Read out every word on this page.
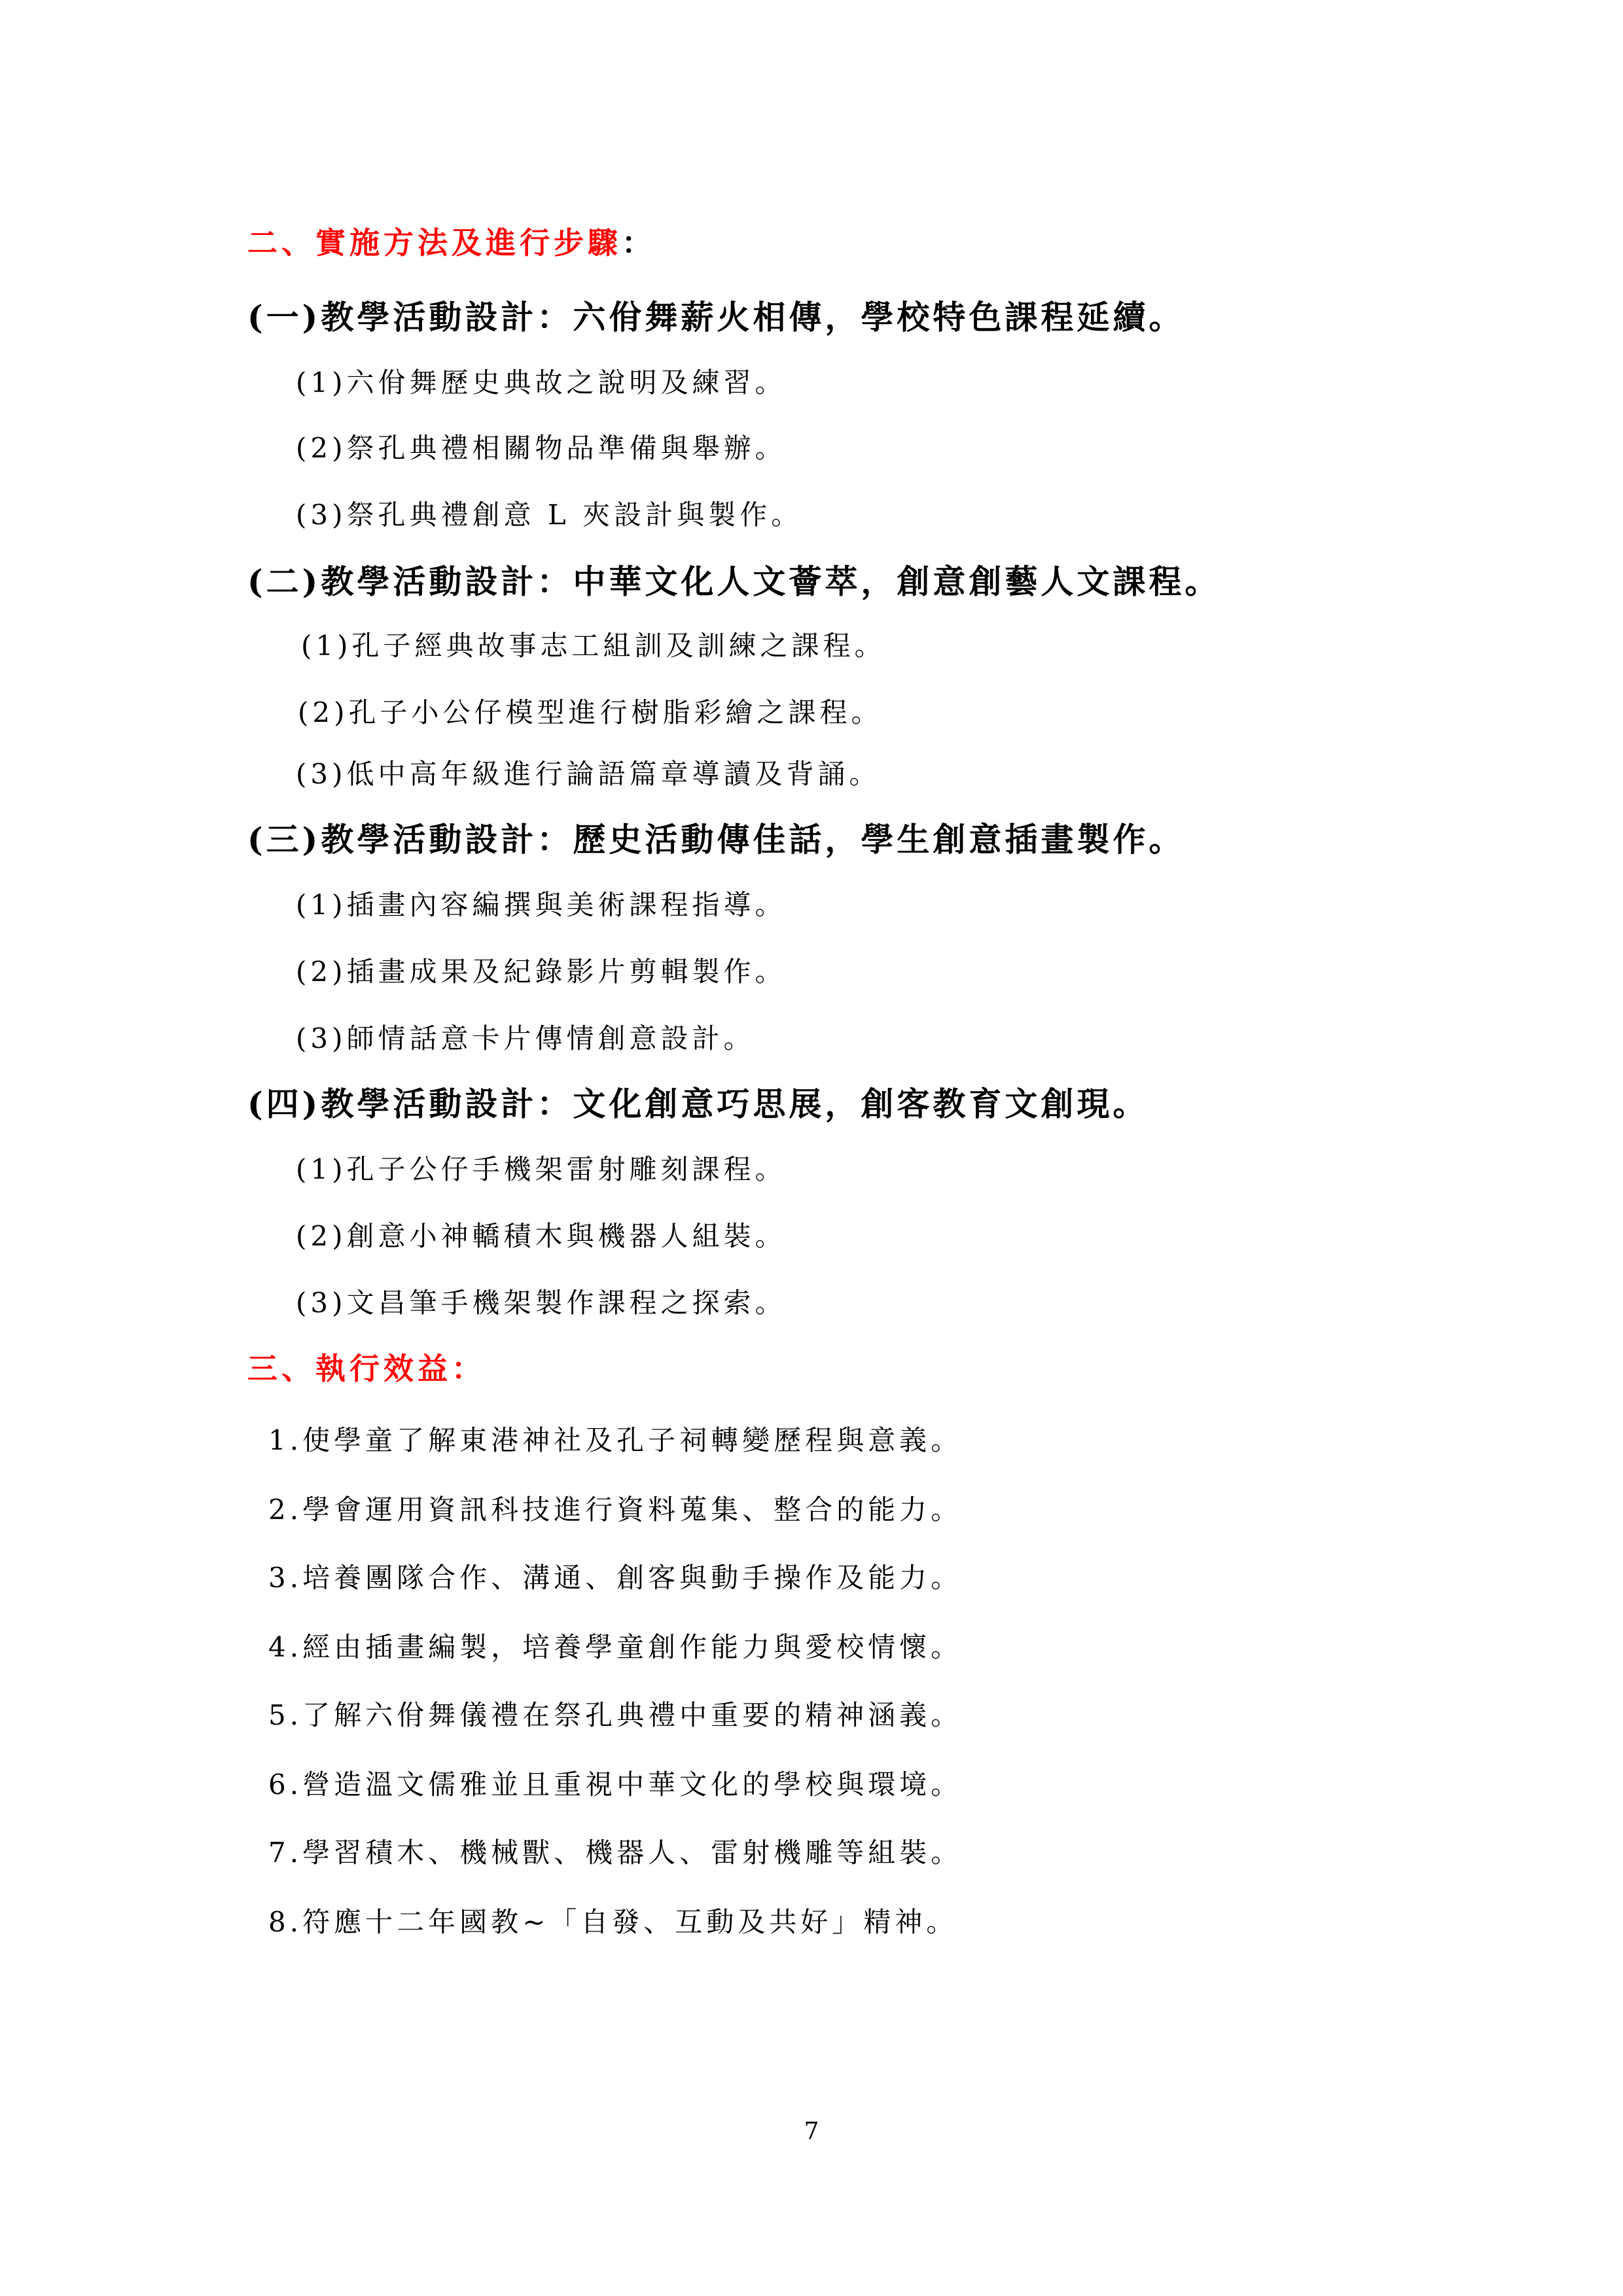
二、實施方法及進行步驟：
(一)教學活動設計：六佾舞薪火相傳，學校特色課程延續。
(1)六佾舞歷史典故之說明及練習。
(2)祭孔典禮相關物品準備與舉辦。
(3)祭孔典禮創意 L 夾設計與製作。
(二)教學活動設計：中華文化人文薈萃，創意創藝人文課程。
(1)孔子經典故事志工組訓及訓練之課程。
(2)孔子小公仔模型進行樹脂彩繪之課程。
(3)低中高年級進行論語篇章導讀及背誦。
(三)教學活動設計：歷史活動傳佳話，學生創意插畫製作。
(1)插畫內容編撰與美術課程指導。
(2)插畫成果及紀錄影片剪輯製作。
(3)師情話意卡片傳情創意設計。
(四)教學活動設計：文化創意巧思展，創客教育文創現。
(1)孔子公仔手機架雷射雕刻課程。
(2)創意小神轎積木與機器人組裝。
(3)文昌筆手機架製作課程之探索。
三、執行效益：
1.使學童了解東港神社及孔子祠轉變歷程與意義。
2.學會運用資訊科技進行資料蒐集、整合的能力。
3.培養團隊合作、溝通、創客與動手操作及能力。
4.經由插畫編製，培養學童創作能力與愛校情懷。
5.了解六佾舞儀禮在祭孔典禮中重要的精神涵義。
6.營造溫文儒雅並且重視中華文化的學校與環境。
7.學習積木、機械獸、機器人、雷射機雕等組裝。
8.符應十二年國教~「自發、互動及共好」精神。
7
